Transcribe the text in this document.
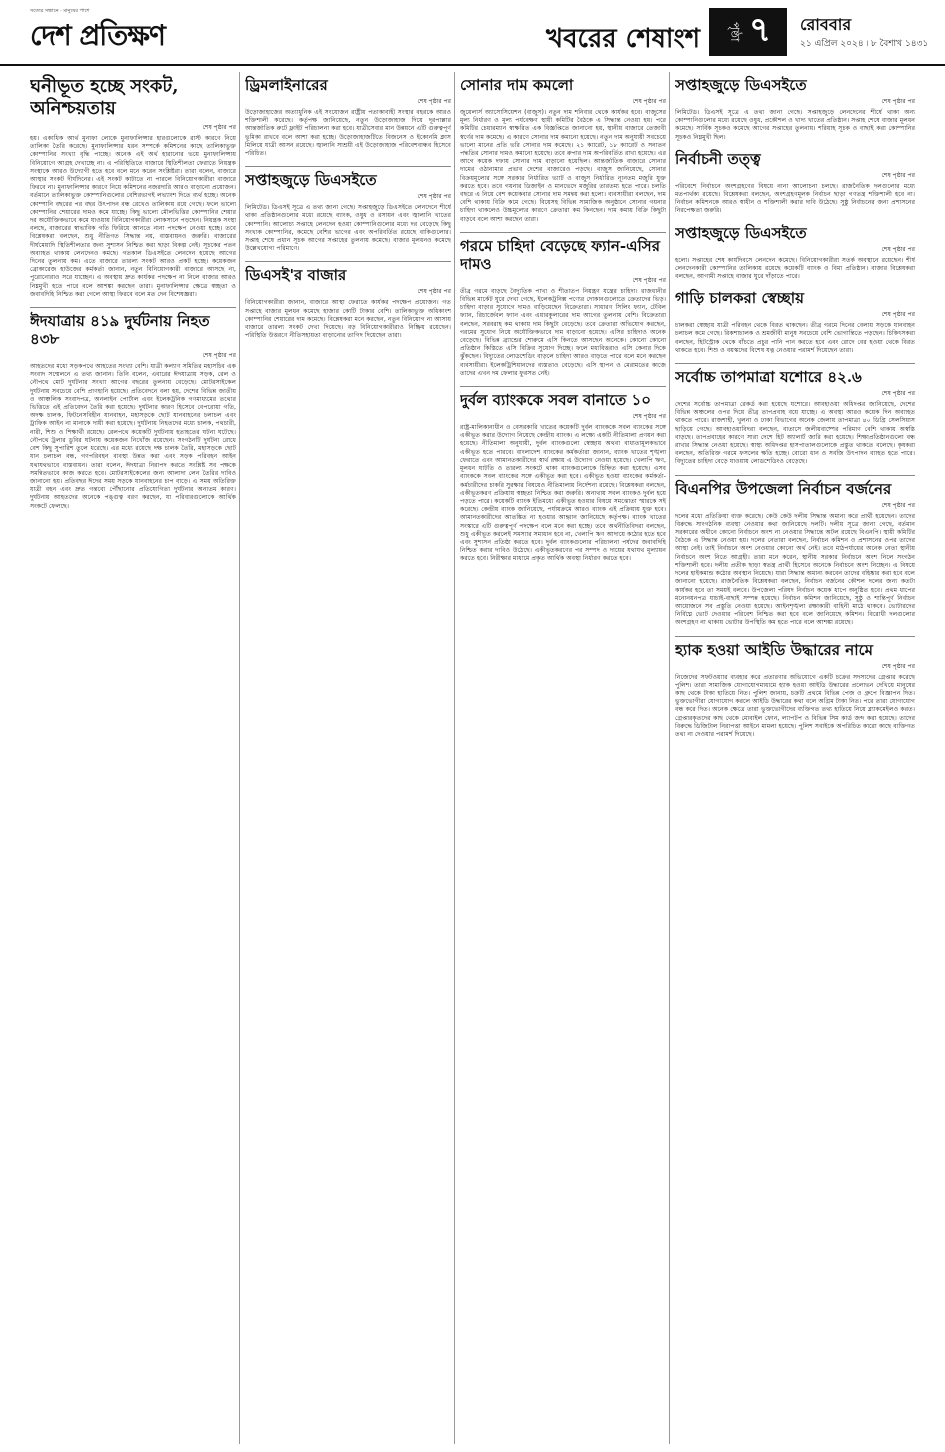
সত্যের সন্ধানে · মানুষের পাশে
দেশ প্রতিক্ষণ	খবরের শেষাংশ পৃষ্ঠা ৭ রোববার
২১ এপ্রিল ২০২৪ ৷ ৮ বৈশাখ ১৪৩১
ঘনীভূত হচ্ছে সংকট, অনিশ্চয়তায়
শেষ পৃষ্ঠার পর

হয়। একাধিক আর্থ মুনাফা লোকে মুনাফালিপ্সার হারগুলোকে রাস্ট কারণে নিয়ে তালিকা তৈরি করেছে। মুনাফালিপ্সার ধরন সম্পর্কে কমিশনের কাছে তালিকাভুক্ত কোম্পানির সংখ্যা বৃদ্ধি পাচ্ছে। অনেক এই অর্থ হারানোর ভয়ে মুনাফালিপ্সায় বিনিয়োগে আগ্রহ দেখাচ্ছে না। এ পরিস্থিতিতে বাজারে স্থিতিশীলতা ফেরাতে নিয়ন্ত্রক সংস্থাকে আরও উদ্যোগী হতে হবে বলে মনে করেন সংশ্লিষ্টরা। তারা বলেন, বাজারে আস্থার সংকট দীর্ঘদিনের। এই সংকট কাটাতে না পারলে বিনিয়োগকারীরা বাজারে ফিরবে না। মুনাফালিপ্সার কারণে নিয়ে কমিশনের নজরদারি আরও বাড়ানো প্রয়োজন। বর্তমানে তালিকাভুক্ত কোম্পানিগুলোর বেশিরভাগই লভ্যাংশ দিতে ব্যর্থ হচ্ছে। অনেক কোম্পানি বছরের পর বছর উৎপাদন বন্ধ রেখেও তালিকায় রয়ে গেছে। ফলে ভালো কোম্পানির শেয়ারের দামও কমে যাচ্ছে। কিছু ভালো মৌলভিত্তির কোম্পানির শেয়ার দর অযৌক্তিকভাবে কমে যাওয়ায় বিনিয়োগকারীরা লোকসানে পড়ছেন। নিয়ন্ত্রক সংস্থা বলছে, বাজারের স্বাভাবিক গতি ফিরিয়ে আনতে নানা পদক্ষেপ নেওয়া হচ্ছে। তবে বিশ্লেষকরা বলছেন, শুধু নীতিগত সিদ্ধান্ত নয়, বাস্তবায়নও জরুরি। বাজারের দীর্ঘমেয়াদি স্থিতিশীলতার জন্য সুশাসন নিশ্চিত করা ছাড়া বিকল্প নেই। সূচকের পতন অব্যাহত থাকায় লেনদেনও কমছে। গতকাল ডিএসইতে লেনদেন হয়েছে আগের দিনের তুলনায় কম। এতে বাজারে তারল্য সংকট আরও প্রকট হচ্ছে। কয়েকজন ব্রোকারেজ হাউজের কর্মকর্তা জানান, নতুন বিনিয়োগকারী বাজারে আসছে না, পুরোনোরাও সরে যাচ্ছেন। এ অবস্থায় দ্রুত কার্যকর পদক্ষেপ না নিলে বাজার আরও নিম্নমুখী হতে পারে বলে আশঙ্কা করছেন তারা। মুনাফালিপ্সার ক্ষেত্রে স্বচ্ছতা ও জবাবদিহি নিশ্চিত করা গেলে আস্থা ফিরবে বলে মত দেন বিশেষজ্ঞরা।

ঈদযাত্রায় ৪১৯ দুর্ঘটনায় নিহত ৪৩৮
শেষ পৃষ্ঠার পর

আহতদের মধ্যে সড়কপথে আহতের সংখ্যা বেশি। যাত্রী কল্যাণ সমিতির মহাসচিব এক সংবাদ সম্মেলনে এ তথ্য জানান। তিনি বলেন, এবারের ঈদযাত্রায় সড়ক, রেল ও নৌপথে মোট দুর্ঘটনার সংখ্যা আগের বছরের তুলনায় বেড়েছে। মোটরসাইকেল দুর্ঘটনায় সবচেয়ে বেশি প্রাণহানি হয়েছে। প্রতিবেদনে বলা হয়, দেশের বিভিন্ন জাতীয় ও আঞ্চলিক সংবাদপত্র, অনলাইন পোর্টাল এবং ইলেকট্রনিক গণমাধ্যমের তথ্যের ভিত্তিতে এই প্রতিবেদন তৈরি করা হয়েছে। দুর্ঘটনার কারণ হিসেবে বেপরোয়া গতি, অদক্ষ চালক, ফিটনেসবিহীন যানবাহন, মহাসড়কে ছোট যানবাহনের চলাচল এবং ট্রাফিক আইন না মানাকে দায়ী করা হয়েছে। দুর্ঘটনায় নিহতদের মধ্যে চালক, পথচারী, নারী, শিশু ও শিক্ষার্থী রয়েছে। রেলপথে কয়েকটি দুর্ঘটনায় হতাহতের ঘটনা ঘটেছে। নৌপথে ট্রলার ডুবির ঘটনায় কয়েকজন নিখোঁজ রয়েছেন। সংগঠনটি দুর্ঘটনা রোধে বেশ কিছু সুপারিশ তুলে ধরেছে। এর মধ্যে রয়েছে দক্ষ চালক তৈরি, মহাসড়কে ছোট যান চলাচল বন্ধ, গণপরিবহন ব্যবস্থা উন্নত করা এবং সড়ক পরিবহন আইন যথাযথভাবে বাস্তবায়ন। তারা বলেন, ঈদযাত্রা নিরাপদ করতে সংশ্লিষ্ট সব পক্ষকে সমন্বিতভাবে কাজ করতে হবে। মোটরসাইকেলের জন্য আলাদা লেন তৈরির দাবিও জানানো হয়। প্রতিবছর ঈদের সময় সড়কে যানবাহনের চাপ বাড়ে। এ সময় অতিরিক্ত যাত্রী বহন এবং দ্রুত গন্তব্যে পৌঁছানোর প্রতিযোগিতা দুর্ঘটনার অন্যতম কারণ। দুর্ঘটনায় আহতদের অনেকে পঙ্গুত্ব বরণ করছেন, যা পরিবারগুলোকে আর্থিক সংকটে ফেলছে।

ড্রিমলাইনারের
শেষ পৃষ্ঠার পর

উড়োজাহাজের অত্যাধুনিক এই সংযোজন রাষ্ট্রীয় পতাকাবাহী সংস্থার বহরকে আরও শক্তিশালী করেছে। কর্তৃপক্ষ জানিয়েছে, নতুন উড়োজাহাজ দিয়ে দূরপাল্লার আন্তর্জাতিক রুটে ফ্লাইট পরিচালনা করা হবে। যাত্রীসেবার মান উন্নয়নে এটি গুরুত্বপূর্ণ ভূমিকা রাখবে বলে আশা করা হচ্ছে। উড়োজাহাজটিতে বিজনেস ও ইকোনমি ক্লাস মিলিয়ে যাত্রী আসন রয়েছে। জ্বালানি সাশ্রয়ী এই উড়োজাহাজ পরিবেশবান্ধব হিসেবে পরিচিত।

সপ্তাহজুড়ে ডিএসইতে
শেষ পৃষ্ঠার পর

লিমিটেড। ডিএসই সূত্রে এ তথ্য জানা গেছে। সপ্তাহজুড়ে ডিএসইতে লেনদেনে শীর্ষে থাকা প্রতিষ্ঠানগুলোর মধ্যে রয়েছে ব্যাংক, ওষুধ ও রসায়ন এবং জ্বালানি খাতের কোম্পানি। আলোচ্য সপ্তাহে লেনদেন হওয়া কোম্পানিগুলোর মধ্যে দর বেড়েছে কিছু সংখ্যক কোম্পানির, কমেছে বেশির ভাগের এবং অপরিবর্তিত রয়েছে বাকিগুলোর। সপ্তাহ শেষে প্রধান সূচক আগের সপ্তাহের তুলনায় কমেছে। বাজার মূলধনও কমেছে উল্লেখযোগ্য পরিমাণে।

ডিএসই'র বাজার
শেষ পৃষ্ঠার পর

বিনিয়োগকারীরা জানান, বাজারে আস্থা ফেরাতে কার্যকর পদক্ষেপ প্রয়োজন। গত সপ্তাহে বাজার মূলধন কমেছে হাজার কোটি টাকার বেশি। তালিকাভুক্ত অধিকাংশ কোম্পানির শেয়ারের দাম কমেছে। বিশ্লেষকরা মনে করছেন, নতুন বিনিয়োগ না আসায় বাজারে তারল্য সংকট দেখা দিয়েছে। বড় বিনিয়োগকারীরাও নিষ্ক্রিয় রয়েছেন। পরিস্থিতি উত্তরণে নীতিসহায়তা বাড়ানোর তাগিদ দিয়েছেন তারা।

সোনার দাম কমলো
শেষ পৃষ্ঠার পর

জুয়েলার্স অ্যাসোসিয়েশন (বাজুস)। নতুন দাম শনিবার থেকে কার্যকর হবে। বাজুসের মূল্য নির্ধারণ ও মূল্য পর্যবেক্ষণ স্থায়ী কমিটির বৈঠকে এ সিদ্ধান্ত নেওয়া হয়। পরে কমিটির চেয়ারম্যান স্বাক্ষরিত এক বিজ্ঞপ্তিতে জানানো হয়, স্থানীয় বাজারে তেজাবী স্বর্ণের দাম কমেছে। এ কারণে সোনার দাম কমানো হয়েছে। নতুন দাম অনুযায়ী সবচেয়ে ভালো মানের প্রতি ভরি সোনার দাম কমেছে। ২১ ক্যারেট, ১৮ ক্যারেট ও সনাতন পদ্ধতির সোনার দামও কমানো হয়েছে। তবে রুপার দাম অপরিবর্তিত রাখা হয়েছে। এর আগে কয়েক দফায় সোনার দাম বাড়ানো হয়েছিল। আন্তর্জাতিক বাজারে সোনার দামের ওঠানামার প্রভাব দেশের বাজারেও পড়ছে। বাজুস জানিয়েছে, সোনার বিক্রয়মূল্যের সঙ্গে সরকার নির্ধারিত ভ্যাট ও বাজুস নির্ধারিত ন্যূনতম মজুরি যুক্ত করতে হবে। তবে গয়নার ডিজাইন ও মানভেদে মজুরির তারতম্য হতে পারে। চলতি বছরে এ নিয়ে বেশ কয়েকবার সোনার দাম সমন্বয় করা হলো। ব্যবসায়ীরা বলছেন, দাম বেশি থাকায় বিক্রি কমে গেছে। বিয়েসহ বিভিন্ন সামাজিক অনুষ্ঠানে সোনার গয়নার চাহিদা থাকলেও উচ্চমূল্যের কারণে ক্রেতারা কম কিনছেন। দাম কমায় বিক্রি কিছুটা বাড়বে বলে আশা করছেন তারা।

গরমে চাহিদা বেড়েছে ফ্যান-এসির দামও
শেষ পৃষ্ঠার পর

তীব্র গরমে বাড়ছে বৈদ্যুতিক পাখা ও শীতাতপ নিয়ন্ত্রণ যন্ত্রের চাহিদা। রাজধানীর বিভিন্ন মার্কেট ঘুরে দেখা গেছে, ইলেকট্রনিক্স পণ্যের দোকানগুলোতে ক্রেতাদের ভিড়। চাহিদা বাড়ার সুযোগে দামও বাড়িয়েছেন বিক্রেতারা। সাধারণ সিলিং ফ্যান, টেবিল ফ্যান, রিচার্জেবল ফ্যান এবং এয়ারকুলারের দাম আগের তুলনায় বেশি। বিক্রেতারা বলছেন, সরবরাহ কম থাকায় দাম কিছুটা বেড়েছে। তবে ক্রেতারা অভিযোগ করছেন, গরমের সুযোগ নিয়ে অযৌক্তিকভাবে দাম বাড়ানো হয়েছে। এসির চাহিদাও অনেক বেড়েছে। বিভিন্ন ব্র্যান্ডের শোরুমে এসি কিনতে আসছেন অনেকে। কোনো কোনো প্রতিষ্ঠান কিস্তিতে এসি বিক্রির সুযোগ দিচ্ছে। ফলে মধ্যবিত্তরাও এসি কেনার দিকে ঝুঁকছেন। বিদ্যুতের লোডশেডিং বাড়লে চাহিদা আরও বাড়তে পারে বলে মনে করছেন ব্যবসায়ীরা। ইলেকট্রিশিয়ানদের ব্যস্ততাও বেড়েছে। এসি স্থাপন ও মেরামতের কাজে তাদের এখন দম ফেলার ফুরসত নেই।

দুর্বল ব্যাংককে সবল বানাতে ১০
শেষ পৃষ্ঠার পর

রাষ্ট্র-মালিকানাধীন ও বেসরকারি খাতের কয়েকটি দুর্বল ব্যাংককে সবল ব্যাংকের সঙ্গে একীভূত করার উদ্যোগ নিয়েছে কেন্দ্রীয় ব্যাংক। এ লক্ষ্যে একটি নীতিমালা প্রণয়ন করা হয়েছে। নীতিমালা অনুযায়ী, দুর্বল ব্যাংকগুলো স্বেচ্ছায় অথবা বাধ্যতামূলকভাবে একীভূত হতে পারবে। বাংলাদেশ ব্যাংকের কর্মকর্তারা জানান, ব্যাংক খাতের শৃঙ্খলা ফেরাতে এবং আমানতকারীদের স্বার্থ রক্ষায় এ উদ্যোগ নেওয়া হয়েছে। খেলাপি ঋণ, মূলধন ঘাটতি ও তারল্য সংকটে থাকা ব্যাংকগুলোকে চিহ্নিত করা হয়েছে। এসব ব্যাংককে সবল ব্যাংকের সঙ্গে একীভূত করা হবে। একীভূত হওয়া ব্যাংকের কর্মকর্তা-কর্মচারীদের চাকরি সুরক্ষার বিষয়েও নীতিমালায় নির্দেশনা রয়েছে। বিশ্লেষকরা বলছেন, একীভূতকরণ প্রক্রিয়ায় স্বচ্ছতা নিশ্চিত করা জরুরি। অন্যথায় সবল ব্যাংকও দুর্বল হয়ে পড়তে পারে। কয়েকটি ব্যাংক ইতিমধ্যে একীভূত হওয়ার বিষয়ে সমঝোতা স্মারকে সই করেছে। কেন্দ্রীয় ব্যাংক জানিয়েছে, পর্যায়ক্রমে আরও ব্যাংক এই প্রক্রিয়ায় যুক্ত হবে। আমানতকারীদের আতঙ্কিত না হওয়ার আহ্বান জানিয়েছে কর্তৃপক্ষ। ব্যাংক খাতের সংস্কারে এটি গুরুত্বপূর্ণ পদক্ষেপ বলে মনে করা হচ্ছে। তবে অর্থনীতিবিদরা বলছেন, শুধু একীভূত করলেই সমস্যার সমাধান হবে না, খেলাপি ঋণ আদায়ে কঠোর হতে হবে এবং সুশাসন প্রতিষ্ঠা করতে হবে। দুর্বল ব্যাংকগুলোর পরিচালনা পর্ষদের জবাবদিহি নিশ্চিত করার দাবিও উঠেছে। একীভূতকরণের পর সম্পদ ও দায়ের যথাযথ মূল্যায়ন করতে হবে। নিরীক্ষার মাধ্যমে প্রকৃত আর্থিক অবস্থা নির্ধারণ করতে হবে।

সপ্তাহজুড়ে ডিএসইতে
শেষ পৃষ্ঠার পর

লিমিটেড। ডিএসই সূত্রে এ তথ্য জানা গেছে। সপ্তাহজুড়ে লেনদেনের শীর্ষে থাকা অন্য কোম্পানিগুলোর মধ্যে রয়েছে ওষুধ, প্রকৌশল ও খাদ্য খাতের প্রতিষ্ঠান। সপ্তাহ শেষে বাজার মূলধন কমেছে। সার্বিক সূচকও কমেছে আগের সপ্তাহের তুলনায়। শরিয়াহ সূচক ও বাছাই করা কোম্পানির সূচকও নিম্নমুখী ছিল।

নির্বাচনী তত্ত্ব
শেষ পৃষ্ঠার পর

পরিবেশে নির্বাচনে অংশগ্রহণের বিষয়ে নানা আলোচনা চলছে। রাজনৈতিক দলগুলোর মধ্যে মতপার্থক্য রয়েছে। বিশ্লেষকরা বলছেন, অংশগ্রহণমূলক নির্বাচন ছাড়া গণতন্ত্র শক্তিশালী হবে না। নির্বাচন কমিশনকে আরও স্বাধীন ও শক্তিশালী করার দাবি উঠেছে। সুষ্ঠু নির্বাচনের জন্য প্রশাসনের নিরপেক্ষতা জরুরি।

সপ্তাহজুড়ে ডিএসইতে
শেষ পৃষ্ঠার পর

হলো। সপ্তাহের শেষ কার্যদিবসে লেনদেন কমেছে। বিনিয়োগকারীরা সতর্ক অবস্থানে রয়েছেন। শীর্ষ লেনদেনকারী কোম্পানির তালিকায় রয়েছে কয়েকটি ব্যাংক ও বিমা প্রতিষ্ঠান। বাজার বিশ্লেষকরা বলছেন, আগামী সপ্তাহে বাজার ঘুরে দাঁড়াতে পারে।

গাড়ি চালকরা স্বেচ্ছায়
শেষ পৃষ্ঠার পর

চালকরা স্বেচ্ছায় যাত্রী পরিবহন থেকে বিরত থাকছেন। তীব্র গরমে দিনের বেলায় সড়কে যানবাহন চলাচল কমে গেছে। রিকশাচালক ও শ্রমজীবী মানুষ সবচেয়ে বেশি ভোগান্তিতে পড়ছেন। চিকিৎসকরা বলছেন, হিটস্ট্রোক থেকে বাঁচতে প্রচুর পানি পান করতে হবে এবং রোদে বের হওয়া থেকে বিরত থাকতে হবে। শিশু ও বয়স্কদের বিশেষ যত্ন নেওয়ার পরামর্শ দিয়েছেন তারা।

সর্বোচ্চ তাপমাত্রা যশোরে ৪২.৬
শেষ পৃষ্ঠার পর

দেশের সর্বোচ্চ তাপমাত্রা রেকর্ড করা হয়েছে যশোরে। আবহাওয়া অধিদপ্তর জানিয়েছে, দেশের বিভিন্ন অঞ্চলের ওপর দিয়ে তীব্র তাপপ্রবাহ বয়ে যাচ্ছে। এ অবস্থা আরও কয়েক দিন অব্যাহত থাকতে পারে। রাজশাহী, খুলনা ও ঢাকা বিভাগের অনেক জেলায় তাপমাত্রা ৪০ ডিগ্রি সেলসিয়াস ছাড়িয়ে গেছে। আবহাওয়াবিদরা বলছেন, বাতাসে জলীয়বাষ্পের পরিমাণ বেশি থাকায় অস্বস্তি বাড়ছে। তাপপ্রবাহের কারণে সারা দেশে হিট অ্যালার্ট জারি করা হয়েছে। শিক্ষাপ্রতিষ্ঠানগুলো বন্ধ রাখার সিদ্ধান্ত নেওয়া হয়েছে। স্বাস্থ্য অধিদপ্তর হাসপাতালগুলোকে প্রস্তুত থাকতে বলেছে। কৃষকরা বলছেন, অতিরিক্ত গরমে ফসলের ক্ষতি হচ্ছে। বোরো ধান ও সবজি উৎপাদন ব্যাহত হতে পারে। বিদ্যুতের চাহিদা বেড়ে যাওয়ায় লোডশেডিংও বেড়েছে।

বিএনপির উপজেলা নির্বাচন বর্জনের
শেষ পৃষ্ঠার পর

দলের মধ্যে প্রতিক্রিয়া ব্যক্ত করেছে। কেউ কেউ দলীয় সিদ্ধান্ত অমান্য করে প্রার্থী হয়েছেন। তাদের বিরুদ্ধে সাংগঠনিক ব্যবস্থা নেওয়ার কথা জানিয়েছে দলটি। দলীয় সূত্রে জানা গেছে, বর্তমান সরকারের অধীনে কোনো নির্বাচনে অংশ না নেওয়ার সিদ্ধান্তে অটল রয়েছে বিএনপি। স্থায়ী কমিটির বৈঠকে এ সিদ্ধান্ত নেওয়া হয়। দলের নেতারা বলছেন, নির্বাচন কমিশন ও প্রশাসনের ওপর তাদের আস্থা নেই। তাই নির্বাচনে অংশ নেওয়ার কোনো অর্থ নেই। তবে মাঠপর্যায়ের অনেক নেতা স্থানীয় নির্বাচনে অংশ নিতে আগ্রহী। তারা মনে করেন, স্থানীয় সরকার নির্বাচনে অংশ নিলে সংগঠন শক্তিশালী হবে। দলীয় প্রতীক ছাড়া স্বতন্ত্র প্রার্থী হিসেবে অনেকে নির্বাচনে অংশ নিচ্ছেন। এ বিষয়ে দলের হাইকমান্ড কঠোর অবস্থান নিয়েছে। যারা সিদ্ধান্ত অমান্য করবেন তাদের বহিষ্কার করা হবে বলে জানানো হয়েছে। রাজনৈতিক বিশ্লেষকরা বলছেন, নির্বাচন বর্জনের কৌশল দলের জন্য কতটা কার্যকর হবে তা সময়ই বলবে। উপজেলা পরিষদ নির্বাচন কয়েক ধাপে অনুষ্ঠিত হবে। প্রথম ধাপের মনোনয়নপত্র যাচাই-বাছাই সম্পন্ন হয়েছে। নির্বাচন কমিশন জানিয়েছে, সুষ্ঠু ও শান্তিপূর্ণ নির্বাচন আয়োজনে সব প্রস্তুতি নেওয়া হয়েছে। আইনশৃঙ্খলা রক্ষাকারী বাহিনী মাঠে থাকবে। ভোটারদের নির্বিঘ্নে ভোট দেওয়ার পরিবেশ নিশ্চিত করা হবে বলে জানিয়েছে কমিশন। বিরোধী দলগুলোর অংশগ্রহণ না থাকায় ভোটার উপস্থিতি কম হতে পারে বলে আশঙ্কা রয়েছে।

হ্যাক হওয়া আইডি উদ্ধারের নামে
শেষ পৃষ্ঠার পর

নিজেদের সফটওয়্যার ব্যবহার করে প্রতারণার অভিযোগে একটি চক্রের সদস্যদের গ্রেপ্তার করেছে পুলিশ। তারা সামাজিক যোগাযোগমাধ্যমে হ্যাক হওয়া আইডি উদ্ধারের প্রলোভন দেখিয়ে মানুষের কাছ থেকে টাকা হাতিয়ে নিত। পুলিশ জানায়, চক্রটি প্রথমে বিভিন্ন পেজ ও গ্রুপে বিজ্ঞাপন দিত। ভুক্তভোগীরা যোগাযোগ করলে আইডি উদ্ধারের কথা বলে অগ্রিম টাকা নিত। পরে তারা যোগাযোগ বন্ধ করে দিত। অনেক ক্ষেত্রে তারা ভুক্তভোগীদের ব্যক্তিগত তথ্য হাতিয়ে নিয়ে ব্ল্যাকমেইলও করত। গ্রেপ্তারকৃতদের কাছ থেকে মোবাইল ফোন, ল্যাপটপ ও বিভিন্ন সিম কার্ড জব্দ করা হয়েছে। তাদের বিরুদ্ধে ডিজিটাল নিরাপত্তা আইনে মামলা হয়েছে। পুলিশ সবাইকে অপরিচিত কারো কাছে ব্যক্তিগত তথ্য না দেওয়ার পরামর্শ দিয়েছে।
